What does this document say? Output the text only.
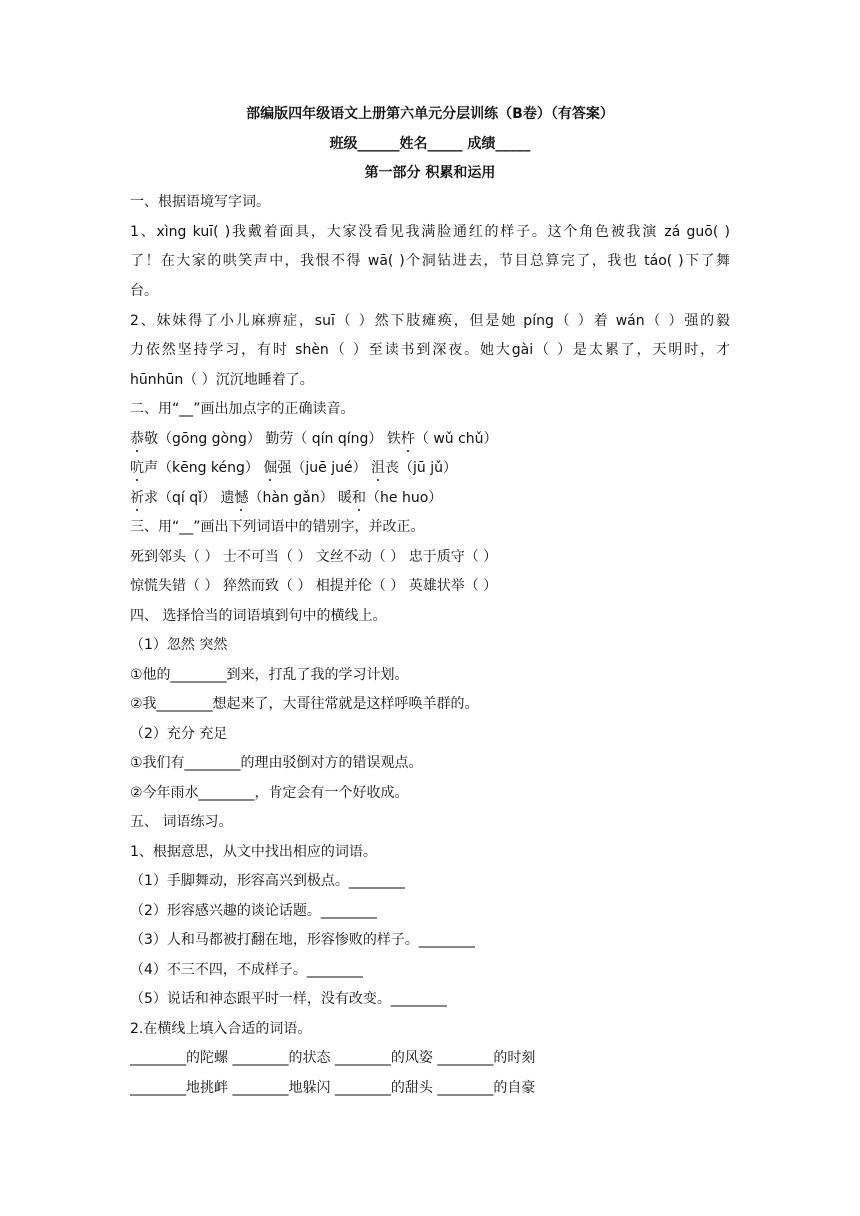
部编版四年级语文上册第六单元分层训练（B卷）（有答案）
班级______姓名_____ 成绩_____
第一部分 积累和运用
一、根据语境写字词。
1、xìng kuī( )我戴着面具，大家没看见我满脸通红的样子。这个角色被我演 zá guō( )
了！在大家的哄笑声中，我恨不得 wā( )个洞钻进去，节目总算完了，我也 táo( )下了舞
台。
2、妹妹得了小儿麻痹症，suī（ ）然下肢瘫痪，但是她 píng（ ）着 wán（ ）强的毅
力依然坚持学习，有时 shèn（ ）至读书到深夜。她大gài（ ）是太累了，天明时，才
hūnhūn（ ）沉沉地睡着了。
二、用“__”画出加点字的正确读音。
恭敬（gōng gòng） 勤劳（ qín qíng） 铁杵（ wǔ chǔ）
吭声（kēng kéng） 倔强（juē jué） 沮丧（jū jǔ）
祈求（qí qǐ） 遗憾（hàn gǎn） 暖和（he huo）
三、用“__”画出下列词语中的错别字，并改正。
死到邻头（ ） 士不可当（ ） 文丝不动（ ） 忠于质守（ ）
惊慌失错（ ） 猝然而致（ ） 相提并伦（ ） 英雄状举（ ）
四、 选择恰当的词语填到句中的横线上。
（1）忽然 突然
①他的________到来，打乱了我的学习计划。
②我________想起来了，大哥往常就是这样呼唤羊群的。
（2）充分 充足
①我们有________的理由驳倒对方的错误观点。
②今年雨水________，肯定会有一个好收成。
五、 词语练习。
1、根据意思，从文中找出相应的词语。
（1）手脚舞动，形容高兴到极点。________
（2）形容感兴趣的谈论话题。________
（3）人和马都被打翻在地，形容惨败的样子。________
（4）不三不四，不成样子。________
（5）说话和神态跟平时一样，没有改变。________
2.在横线上填入合适的词语。
________的陀螺 ________的状态 ________的风姿 ________的时刻
________地挑衅 ________地躲闪 ________的甜头 ________的自豪
